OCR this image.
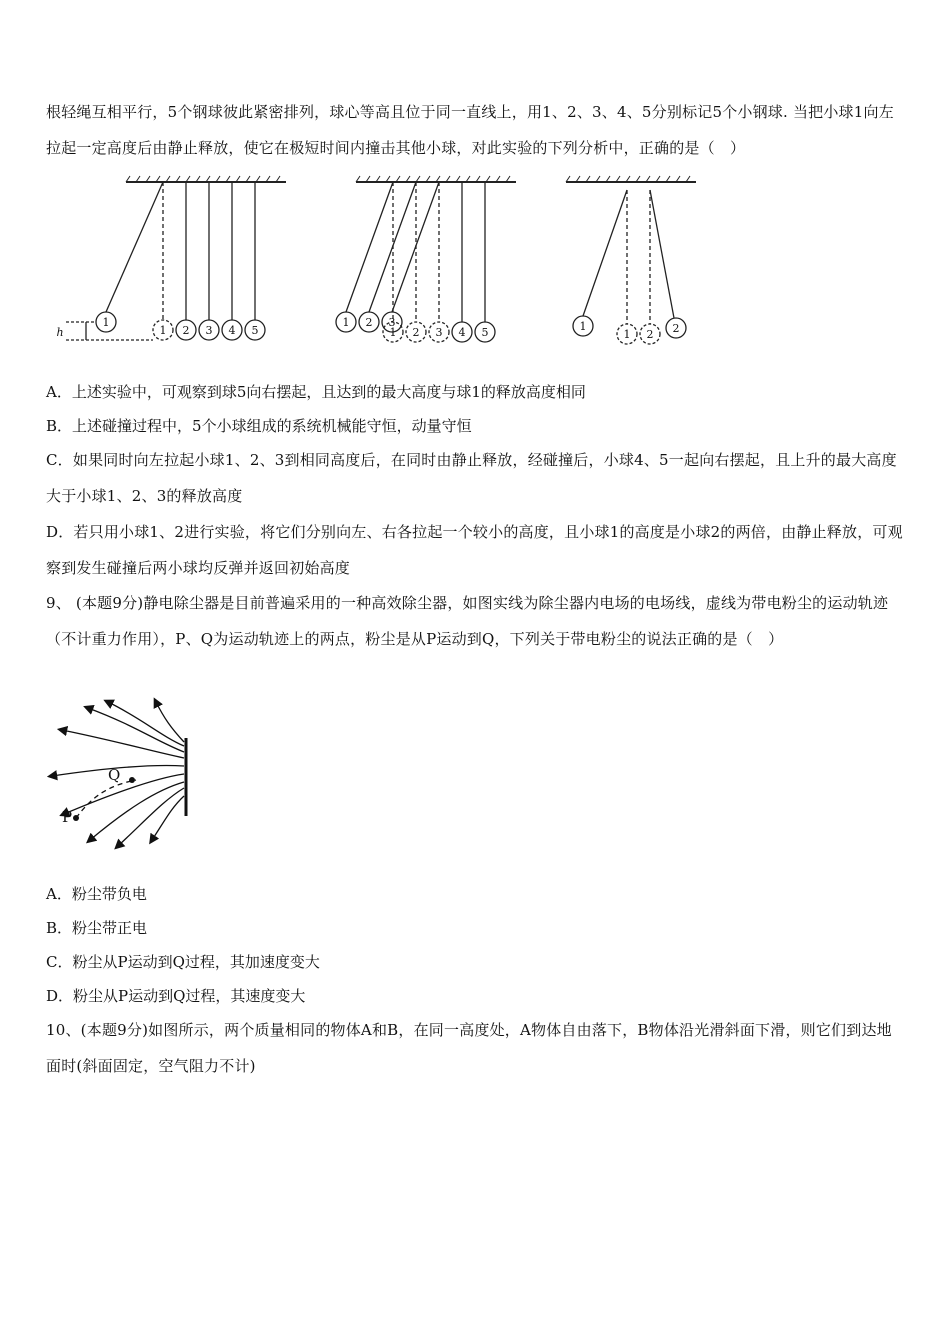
根轻绳互相平行，5个钢球彼此紧密排列，球心等高且位于同一直线上，用1、2、3、4、5分别标记5个小钢球. 当把小球1向左拉起一定高度后由静止释放，使它在极短时间内撞击其他小球，对此实验的下列分析中，正确的是（　）
h
1
1 2 3 4 5
1 2 3
1 2 3 4 5	1
1 2 2
A．上述实验中，可观察到球5向右摆起，且达到的最大高度与球1的释放高度相同
B．上述碰撞过程中，5个小球组成的系统机械能守恒，动量守恒
C．如果同时向左拉起小球1、2、3到相同高度后，在同时由静止释放，经碰撞后，小球4、5一起向右摆起，且上升的最大高度大于小球1、2、3的释放高度
D．若只用小球1、2进行实验，将它们分别向左、右各拉起一个较小的高度，且小球1的高度是小球2的两倍，由静止释放，可观察到发生碰撞后两小球均反弹并返回初始高度
9、 (本题9分)静电除尘器是目前普遍采用的一种高效除尘器，如图实线为除尘器内电场的电场线，虚线为带电粉尘的运动轨迹（不计重力作用），P、Q为运动轨迹上的两点，粉尘是从P运动到Q，下列关于带电粉尘的说法正确的是（　）
P
Q
A．粉尘带负电
B．粉尘带正电
C．粉尘从P运动到Q过程，其加速度变大
D．粉尘从P运动到Q过程，其速度变大
10、(本题9分)如图所示，两个质量相同的物体A和B，在同一高度处，A物体自由落下，B物体沿光滑斜面下滑，则它们到达地面时(斜面固定，空气阻力不计)
